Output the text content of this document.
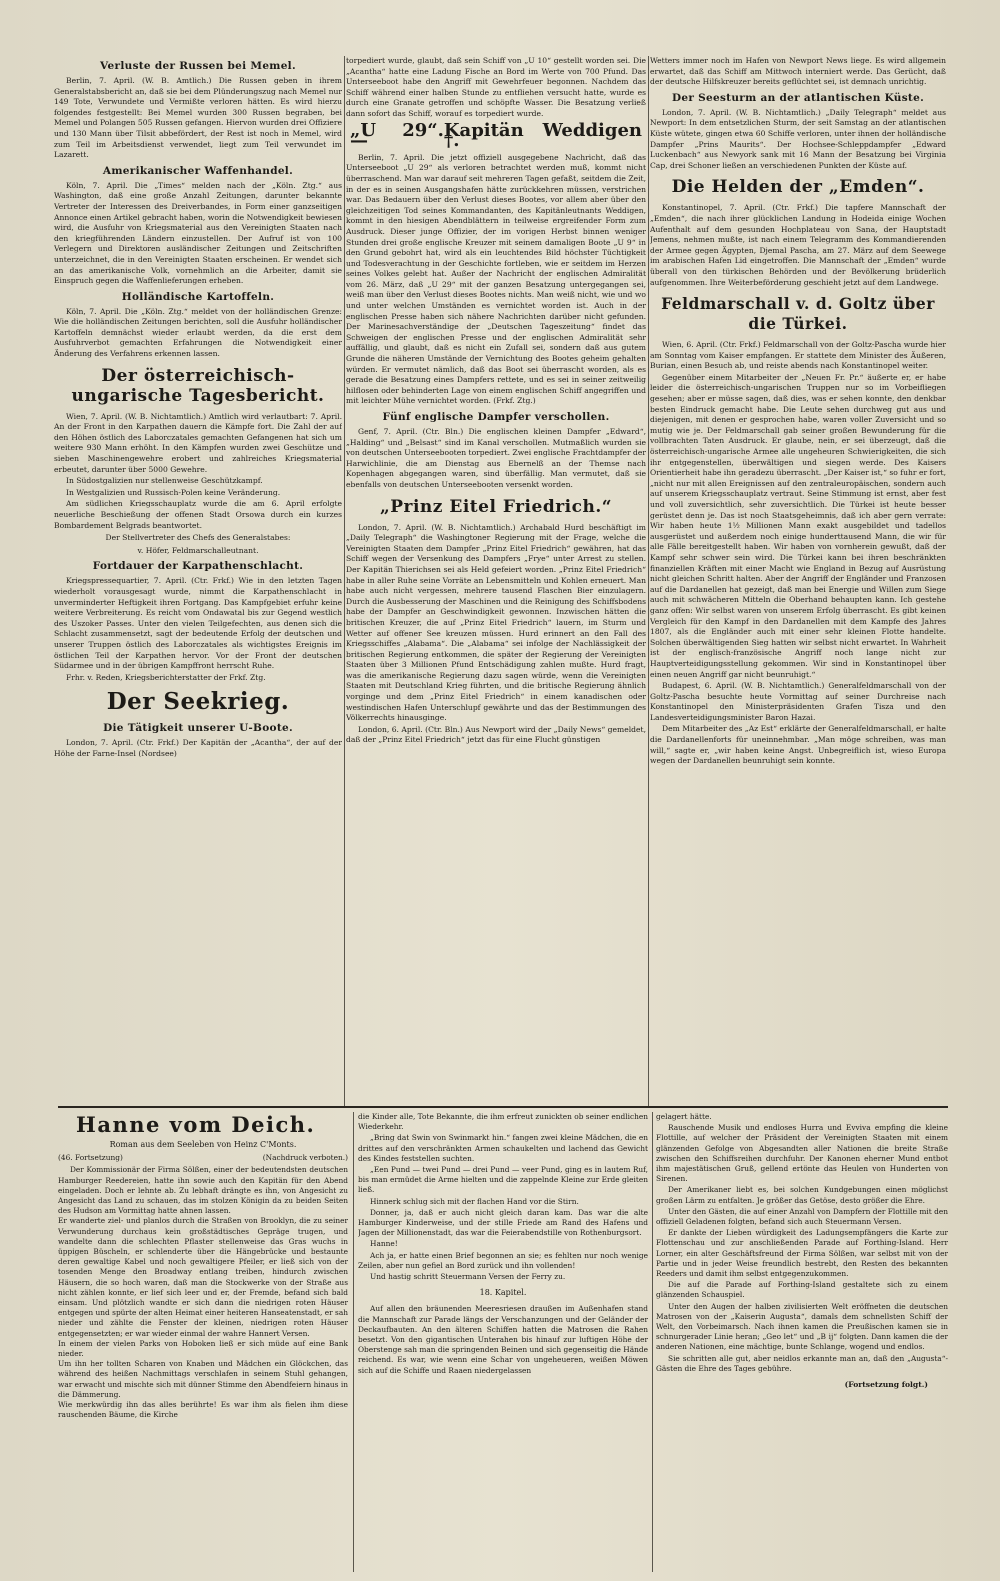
Verluste der Russen bei Memel.
Berlin, 7. April. (W. B. Amtlich.) Die Russen geben in ihrem Generalstabsbericht an, daß sie bei dem Plünderungszug nach Memel nur 149 Tote, Verwundete und Vermißte verloren hätten. Es wird hierzu folgendes festgestellt: Bei Memel wurden 300 Russen begraben, bei Memel und Polangen 505 Russen gefangen. Hiervon wurden drei Offiziere und 130 Mann über Tilsit abbefördert, der Rest ist noch in Memel, wird zum Teil im Arbeitsdienst verwendet, liegt zum Teil verwundet im Lazarett.
Amerikanischer Waffenhandel.
Köln, 7. April. Die „Times“ melden nach der „Köln. Ztg.“ aus Washington, daß eine große Anzahl Zeitungen, darunter bekannte Vertreter der Interessen des Dreiverbandes, in Form einer ganzseitigen Annonce einen Artikel gebracht haben, worin die Notwendigkeit bewiesen wird, die Ausfuhr von Kriegsmaterial aus den Vereinigten Staaten nach den kriegführenden Ländern einzustellen. Der Aufruf ist von 100 Verlegern und Direktoren ausländischer Zeitungen und Zeitschriften unterzeichnet, die in den Vereinigten Staaten erscheinen. Er wendet sich an das amerikanische Volk, vornehmlich an die Arbeiter, damit sie Einspruch gegen die Waffenlieferungen erheben.
Holländische Kartoffeln.
Köln, 7. April. Die „Köln. Ztg.“ meldet von der holländischen Grenze: Wie die holländischen Zeitungen berichten, soll die Ausfuhr holländischer Kartoffeln demnächst wieder erlaubt werden, da die erst dem Ausfuhrverbot gemachten Erfahrungen die Notwendigkeit einer Änderung des Verfahrens erkennen lassen.
Der österreichisch-ungarische Tagesbericht.
Wien, 7. April. (W. B. Nichtamtlich.) Amtlich wird verlautbart: 7. April. An der Front in den Karpathen dauern die Kämpfe fort. Die Zahl der auf den Höhen östlich des Laborczatales gemachten Gefangenen hat sich um weitere 930 Mann erhöht. In den Kämpfen wurden zwei Geschütze und sieben Maschinengewehre erobert und zahlreiches Kriegsmaterial erbeutet, darunter über 5000 Gewehre.
In Südostgalizien nur stellenweise Geschützkampf.
In Westgalizien und Russisch-Polen keine Veränderung.
Am südlichen Kriegsschauplatz wurde die am 6. April erfolgte neuerliche Beschießung der offenen Stadt Orsowa durch ein kurzes Bombardement Belgrads beantwortet.
Der Stellvertreter des Chefs des Generalstabes:
v. Höfer, Feldmarschalleutnant.
Fortdauer der Karpathenschlacht.
Kriegspressequartier, 7. April. (Ctr. Frkf.) Wie in den letzten Tagen wiederholt vorausgesagt wurde, nimmt die Karpathenschlacht in unverminderter Heftigkeit ihren Fortgang. Das Kampfgebiet erfuhr keine weitere Verbreiterung. Es reicht vom Ondawatal bis zur Gegend westlich des Uszoker Passes. Unter den vielen Teilgefechten, aus denen sich die Schlacht zusammensetzt, sagt der bedeutende Erfolg der deutschen und unserer Truppen östlich des Laborczatales als wichtigstes Ereignis im östlichen Teil der Karpathen hervor. Vor der Front der deutschen Südarmee und in der übrigen Kampffront herrscht Ruhe.
Frhr. v. Reden, Kriegsberichterstatter der Frkf. Ztg.
Der Seekrieg.
Die Tätigkeit unserer U-Boote.
London, 7. April. (Ctr. Frkf.) Der Kapitän der „Acantha“, der auf der Höhe der Farne-Insel (Nordsee)
torpediert wurde, glaubt, daß sein Schiff von „U 10“ gestellt worden sei. Die „Acantha“ hatte eine Ladung Fische an Bord im Werte von 700 Pfund. Das Unterseeboot habe den Angriff mit Gewehrfeuer begonnen. Nachdem das Schiff während einer halben Stunde zu entfliehen versucht hatte, wurde es durch eine Granate getroffen und schöpfte Wasser. Die Besatzung verließ dann sofort das Schiff, worauf es torpediert wurde.
„U 29“. —
Kapitän Weddigen †.
Berlin, 7. April. Die jetzt offiziell ausgegebene Nachricht, daß das Unterseeboot „U 29“ als verloren betrachtet werden muß, kommt nicht überraschend. Man war darauf seit mehreren Tagen gefaßt, seitdem die Zeit, in der es in seinen Ausgangshafen hätte zurückkehren müssen, verstrichen war. Das Bedauern über den Verlust dieses Bootes, vor allem aber über den gleichzeitigen Tod seines Kommandanten, des Kapitänleutnants Weddigen, kommt in den hiesigen Abendblättern in teilweise ergreifender Form zum Ausdruck. Dieser junge Offizier, der im vorigen Herbst binnen weniger Stunden drei große englische Kreuzer mit seinem damaligen Boote „U 9“ in den Grund gebohrt hat, wird als ein leuchtendes Bild höchster Tüchtigkeit und Todesverachtung in der Geschichte fortleben, wie er seitdem im Herzen seines Volkes gelebt hat. Außer der Nachricht der englischen Admiralität vom 26. März, daß „U 29“ mit der ganzen Besatzung untergegangen sei, weiß man über den Verlust dieses Bootes nichts. Man weiß nicht, wie und wo und unter welchen Umständen es vernichtet worden ist. Auch in der englischen Presse haben sich nähere Nachrichten darüber nicht gefunden. Der Marinesachverständige der „Deutschen Tageszeitung“ findet das Schweigen der englischen Presse und der englischen Admiralität sehr auffällig, und glaubt, daß es nicht ein Zufall sei, sondern daß aus gutem Grunde die näheren Umstände der Vernichtung des Bootes geheim gehalten würden. Er vermutet nämlich, daß das Boot sei überrascht worden, als es gerade die Besatzung eines Dampfers rettete, und es sei in seiner zeitweilig hilflosen oder behinderten Lage von einem englischen Schiff angegriffen und mit leichter Mühe vernichtet worden. (Frkf. Ztg.)
Fünf englische Dampfer verschollen.
Genf, 7. April. (Ctr. Bln.) Die englischen kleinen Dampfer „Edward“, „Halding“ und „Belsast“ sind im Kanal verschollen. Mutmaßlich wurden sie von deutschen Unterseebooten torpediert. Zwei englische Frachtdampfer der Harwichlinie, die am Dienstag aus Ebernelß an der Themse nach Kopenhagen abgegangen waren, sind überfällig. Man vermutet, daß sie ebenfalls von deutschen Unterseebooten versenkt worden.
„Prinz Eitel Friedrich.“
London, 7. April. (W. B. Nichtamtlich.) Archabald Hurd beschäftigt im „Daily Telegraph“ die Washingtoner Regierung mit der Frage, welche die Vereinigten Staaten dem Dampfer „Prinz Eitel Friedrich“ gewähren, hat das Schiff wegen der Versenkung des Dampfers „Frye“ unter Arrest zu stellen. Der Kapitän Thierichsen sei als Held gefeiert worden. „Prinz Eitel Friedrich“ habe in aller Ruhe seine Vorräte an Lebensmitteln und Kohlen erneuert. Man habe auch nicht vergessen, mehrere tausend Flaschen Bier einzulagern. Durch die Ausbesserung der Maschinen und die Reinigung des Schiffsbodens habe der Dampfer an Geschwindigkeit gewonnen. Inzwischen hätten die britischen Kreuzer, die auf „Prinz Eitel Friedrich“ lauern, im Sturm und Wetter auf offener See kreuzen müssen. Hurd erinnert an den Fall des Kriegsschiffes „Alabama“. Die „Alabama“ sei infolge der Nachlässigkeit der britischen Regierung entkommen, die später der Regierung der Vereinigten Staaten über 3 Millionen Pfund Entschädigung zahlen mußte. Hurd fragt, was die amerikanische Regierung dazu sagen würde, wenn die Vereinigten Staaten mit Deutschland Krieg führten, und die britische Regierung ähnlich vorginge und dem „Prinz Eitel Friedrich“ in einem kanadischen oder westindischen Hafen Unterschlupf gewährte und das der Bestimmungen des Völkerrechts hinausginge.
London, 6. April. (Ctr. Bln.) Aus Newport wird der „Daily News“ gemeldet, daß der „Prinz Eitel Friedrich“ jetzt das für eine Flucht günstigen
Wetters immer noch im Hafen von Newport News liege. Es wird allgemein erwartet, daß das Schiff am Mittwoch interniert werde. Das Gerücht, daß der deutsche Hilfskreuzer bereits geflüchtet sei, ist demnach unrichtig.
Der Seesturm an der atlantischen Küste.
London, 7. April. (W. B. Nichtamtlich.) „Daily Telegraph“ meldet aus Newport: In dem entsetzlichen Sturm, der seit Samstag an der atlantischen Küste wütete, gingen etwa 60 Schiffe verloren, unter ihnen der holländische Dampfer „Prins Maurits“. Der Hochsee-Schleppdampfer „Edward Luckenbach“ aus Newyork sank mit 16 Mann der Besatzung bei Virginia Cap, drei Schoner ließen an verschiedenen Punkten der Küste auf.
Die Helden der „Emden“.
Konstantinopel, 7. April. (Ctr. Frkf.) Die tapfere Mannschaft der „Emden“, die nach ihrer glücklichen Landung in Hodeida einige Wochen Aufenthalt auf dem gesunden Hochplateau von Sana, der Hauptstadt Jemens, nehmen mußte, ist nach einem Telegramm des Kommandierenden der Armee gegen Ägypten, Djemal Pascha, am 27. März auf dem Seewege im arabischen Hafen Lid eingetroffen. Die Mannschaft der „Emden“ wurde überall von den türkischen Behörden und der Bevölkerung brüderlich aufgenommen. Ihre Weiterbeförderung geschieht jetzt auf dem Landwege.
Feldmarschall v. d. Goltz über die Türkei.
Wien, 6. April. (Ctr. Frkf.) Feldmarschall von der Goltz-Pascha wurde hier am Sonntag vom Kaiser empfangen. Er stattete dem Minister des Äußeren, Burian, einen Besuch ab, und reiste abends nach Konstantinopel weiter.
Gegenüber einem Mitarbeiter der „Neuen Fr. Pr.“ äußerte er, er habe leider die österreichisch-ungarischen Truppen nur so im Vorbeifliegen gesehen; aber er müsse sagen, daß dies, was er sehen konnte, den denkbar besten Eindruck gemacht habe. Die Leute sehen durchweg gut aus und diejenigen, mit denen er gesprochen habe, waren voller Zuversicht und so mutig wie je. Der Feldmarschall gab seiner großen Bewunderung für die vollbrachten Taten Ausdruck. Er glaube, nein, er sei überzeugt, daß die österreichisch-ungarische Armee alle ungeheuren Schwierigkeiten, die sich ihr entgegenstellen, überwältigen und siegen werde. Des Kaisers Orientierheit habe ihn geradezu überrascht. „Der Kaiser ist,“ so fuhr er fort, „nicht nur mit allen Ereignissen auf den zentraleuropäischen, sondern auch auf unserem Kriegsschauplatz vertraut. Seine Stimmung ist ernst, aber fest und voll zuversichtlich, sehr zuversichtlich. Die Türkei ist heute besser gerüstet denn je. Das ist noch Staatsgeheimnis, daß ich aber gern verrate: Wir haben heute 1½ Millionen Mann exakt ausgebildet und tadellos ausgerüstet und außerdem noch einige hunderttausend Mann, die wir für alle Fälle bereitgestellt haben. Wir haben von vornherein gewußt, daß der Kampf sehr schwer sein wird. Die Türkei kann bei ihren beschränkten finanziellen Kräften mit einer Macht wie England in Bezug auf Ausrüstung nicht gleichen Schritt halten. Aber der Angriff der Engländer und Franzosen auf die Dardanellen hat gezeigt, daß man bei Energie und Willen zum Siege auch mit schwächeren Mitteln die Oberhand behaupten kann. Ich gestehe ganz offen: Wir selbst waren von unserem Erfolg überrascht. Es gibt keinen Vergleich für den Kampf in den Dardanellen mit dem Kampfe des Jahres 1807, als die Engländer auch mit einer sehr kleinen Flotte handelte. Solchen überwältigenden Sieg hatten wir selbst nicht erwartet. In Wahrheit ist der englisch-französische Angriff noch lange nicht zur Hauptverteidigungsstellung gekommen. Wir sind in Konstantinopel über einen neuen Angriff gar nicht beunruhigt.“
Budapest, 6. April. (W. B. Nichtamtlich.) Generalfeldmarschall von der Goltz-Pascha besuchte heute Vormittag auf seiner Durchreise nach Konstantinopel den Ministerpräsidenten Grafen Tisza und den Landesverteidigungsminister Baron Hazai.
Dem Mitarbeiter des „Az Est“ erklärte der Generalfeldmarschall, er halte die Dardanellenforts für uneinnehmbar. „Man möge schreiben, was man will,“ sagte er, „wir haben keine Angst. Unbegreiflich ist, wieso Europa wegen der Dardanellen beunruhigt sein konnte.
Hanne vom Deich.
Roman aus dem Seeleben von Heinz C'Monts.
(46. Fortsetzung)	(Nachdruck verboten.)
Der Kommissionär der Firma Sölßen, einer der bedeutendsten deutschen Hamburger Reedereien, hatte ihn sowie auch den Kapitän für den Abend eingeladen. Doch er lehnte ab. Zu lebhaft drängte es ihn, von Angesicht zu Angesicht das Land zu schauen, das im stolzen Königin da zu beiden Seiten des Hudson am Vormittag hatte ahnen lassen.
Er wanderte ziel- und planlos durch die Straßen von Brooklyn, die zu seiner Verwunderung durchaus kein großstädtisches Gepräge trugen, und wandelte dann die schlechten Pflaster stellenweise das Gras wuchs in üppigen Büscheln, er schlenderte über die Hängebrücke und bestaunte deren gewaltige Kabel und noch gewaltigere Pfeiler, er ließ sich von der tosenden Menge den Broadway entlang treiben, hindurch zwischen Häusern, die so hoch waren, daß man die Stockwerke von der Straße aus nicht zählen konnte, er lief sich leer und er, der Fremde, befand sich bald einsam. Und plötzlich wandte er sich dann die niedrigen roten Häuser entgegen und spürte der alten Heimat einer heiteren Hanseatenstadt, er sah nieder und zählte die Fenster der kleinen, niedrigen roten Häuser entgegensetzten; er war wieder einmal der wahre Hannert Versen.
In einem der vielen Parks von Hoboken ließ er sich müde auf eine Bank nieder.
Um ihn her tollten Scharen von Knaben und Mädchen ein Glöckchen, das während des heißen Nachmittags verschlafen in seinem Stuhl gehangen, war erwacht und mischte sich mit dünner Stimme den Abendfeiern hinaus in die Dämmerung.
Wie merkwürdig ihn das alles berührte! Es war ihm als fielen ihm diese rauschenden Bäume, die Kirche
die Kinder alle, Tote Bekannte, die ihm erfreut zunickten ob seiner endlichen Wiederkehr.
„Bring dat Swin von Swinmarkt hin.“ fangen zwei kleine Mädchen, die en drittes auf den verschränkten Armen schaukelten und lachend das Gewicht des Kindes feststellen suchten.
„Een Pund — twei Pund — drei Pund — veer Pund, ging es in lautem Ruf, bis man ermüdet die Arme hielten und die zappelnde Kleine zur Erde gleiten ließ.
Hinnerk schlug sich mit der flachen Hand vor die Stirn.
Donner, ja, daß er auch nicht gleich daran kam. Das war die alte Hamburger Kinderweise, und der stille Friede am Rand des Hafens und Jagen der Millionenstadt, das war die Feierabendstille von Rothenburgsort.
Hanne!
Ach ja, er hatte einen Brief begonnen an sie; es fehlten nur noch wenige Zeilen, aber nun gefiel an Bord zurück und ihn vollenden!
Und hastig schritt Steuermann Versen der Ferry zu.
18. Kapitel.
Auf allen den bräunenden Meeresriesen draußen im Außenhafen stand die Mannschaft zur Parade längs der Verschanzungen und der Geländer der Deckaufbauten. An den älteren Schiffen hatten die Matrosen die Rahen besetzt. Von den gigantischen Unterahen bis hinauf zur luftigen Höhe der Oberstenge sah man die springenden Beinen und sich gegenseitig die Hände reichend. Es war, wie wenn eine Schar von ungeheueren, weißen Möwen sich auf die Schiffe und Raaen niedergelassen
gelagert hätte.
Rauschende Musik und endloses Hurra und Evviva empfing die kleine Flottille, auf welcher der Präsident der Vereinigten Staaten mit einem glänzenden Gefolge von Abgesandten aller Nationen die breite Straße zwischen den Schiffsreihen durchfuhr. Der Kanonen eherner Mund entbot ihm majestätischen Gruß, gellend ertönte das Heulen von Hunderten von Sirenen.
Der Amerikaner liebt es, bei solchen Kundgebungen einen möglichst großen Lärm zu entfalten. Je größer das Getöse, desto größer die Ehre.
Unter den Gästen, die auf einer Anzahl von Dampfern der Flottille mit den offiziell Geladenen folgten, befand sich auch Steuermann Versen.
Er dankte der Lieben würdigkeit des Ladungsempfängers die Karte zur Flottenschau und zur anschließenden Parade auf Forthing-Island. Herr Lorner, ein alter Geschäftsfreund der Firma Sölßen, war selbst mit von der Partie und in jeder Weise freundlich bestrebt, den Resten des bekannten Reeders und damit ihm selbst entgegenzukommen.
Die auf die Parade auf Forthing-Island gestaltete sich zu einem glänzenden Schauspiel.
Unter den Augen der halben zivilisierten Welt eröffneten die deutschen Matrosen von der „Kaiserin Augusta“, damals dem schnellsten Schiff der Welt, den Vorbeimarsch. Nach ihnen kamen die Preußischen kamen sie in schnurgerader Linie heran; „Geo let“ und „B ij“ folgten. Dann kamen die der anderen Nationen, eine mächtige, bunte Schlange, wogend und endlos.
Sie schritten alle gut, aber neidlos erkannte man an, daß den „Augusta“-Gästen die Ehre des Tages gebühre.
(Fortsetzung folgt.)
